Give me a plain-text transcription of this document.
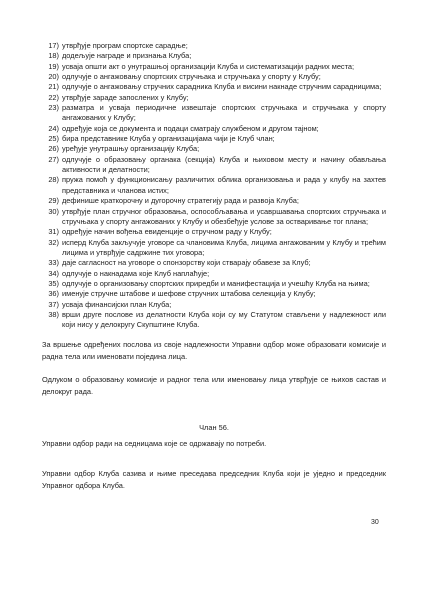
17) утврђује програм спортске сарадње;
18) додељује награде и признања Клуба;
19) усваја општи акт о унутрашњој организацији Клуба и систематизацији радних места;
20) одлучује о ангажовању спортских стручњака и стручњака у спорту у Клубу;
21) одлучује о ангажовању стручних сарадника Клуба и висини накнаде стручним сарадницима;
22) утврђује зараде запослених у Клубу;
23) разматра и усваја периодичне извештаје спортских стручњака и стручњака у спорту ангажованих у Клубу;
24) одређује која се документа и подаци сматрају службеном и другом тајном;
25) бира представнике Клуба у организацијама чији је Клуб члан;
26) уређује унутрашњу организацију Клуба;
27) одлучује о образовању органака (секција) Клуба и њиховом месту и начину обављања активности и делатности;
28) пружа помоћ у функционисању различитих облика организовања и рада у клубу на захтев представника и чланова истих;
29) дефинише краткорочну и дугорочну стратегију рада и развоја Клуба;
30) утврђује план стручног образовања, оспособљавања и усавршавања спортских стручњака и стручњака у спорту ангажованих у Клубу и обезбеђује услове за остваривање тог плана;
31) одређује начин вођења евиденције о стручном раду у Клубу;
32) исперд Клуба закључује уговоре са члановима Клуба, лицима ангажованим у Клубу и трећим лицима и утврђује садржине тих уговора;
33) даје сагласност на уговоре о спонзорству који стварају обавезе за Клуб;
34) одлучује о накнадама које Клуб наплаћује;
35) одлучује о организовању спортских приредби и манифестација и учешћу Клуба на њима;
36) именује стручне штабове и шефове стручних штабова селекција у Клубу;
37) усваја финансијски план Клуба;
38) врши друге послове из делатности Клуба који су му Статутом стављени у надлежност или који нису у делокругу Скупштине Клуба.

За вршење одређених послова из своје надлежности Управни одбор може образовати комисије и радна тела или именовати поједина лица.

Одлуком о образовању комисије и радног тела или именовању лица утврђује се њихов састав и делокруг рада.

Члан 56.

Управни одбор ради на седницама које се одржавају по потреби.

Управни одбор Клуба сазива и њиме преседава председник Клуба који је уједно и председник Управног одбора Клуба.

30
